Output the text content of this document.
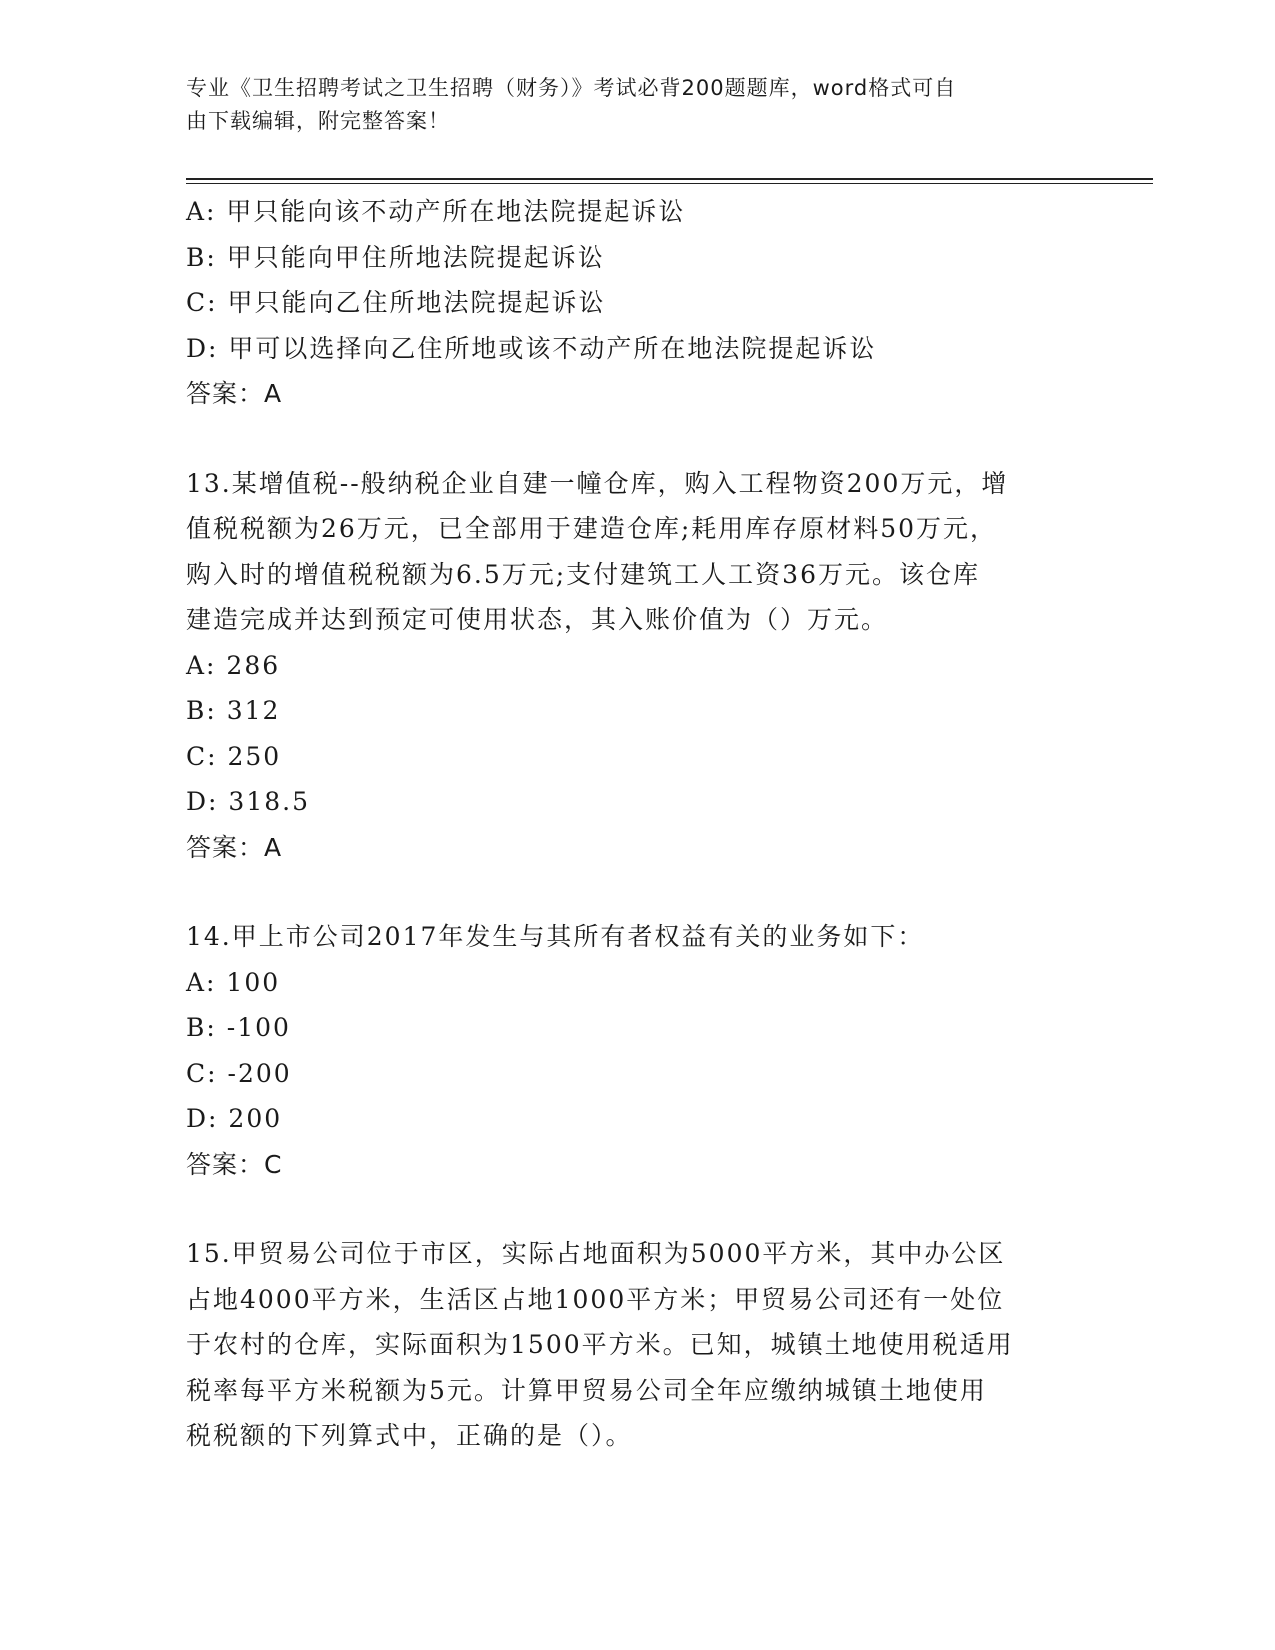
专业《卫生招聘考试之卫生招聘（财务）》考试必背200题题库，word格式可自
由下载编辑，附完整答案！
A: 甲只能向该不动产所在地法院提起诉讼
B: 甲只能向甲住所地法院提起诉讼
C: 甲只能向乙住所地法院提起诉讼
D: 甲可以选择向乙住所地或该不动产所在地法院提起诉讼
答案：A
13.某增值税--般纳税企业自建一幢仓库，购入工程物资200万元，增
值税税额为26万元，已全部用于建造仓库;耗用库存原材料50万元，
购入时的增值税税额为6.5万元;支付建筑工人工资36万元。该仓库
建造完成并达到预定可使用状态，其入账价值为（）万元。
A: 286
B: 312
C: 250
D: 318.5
答案：A
14.甲上市公司2017年发生与其所有者权益有关的业务如下：
A: 100
B: -100
C: -200
D: 200
答案：C
15.甲贸易公司位于市区，实际占地面积为5000平方米，其中办公区
占地4000平方米，生活区占地1000平方米；甲贸易公司还有一处位
于农村的仓库，实际面积为1500平方米。已知，城镇土地使用税适用
税率每平方米税额为5元。计算甲贸易公司全年应缴纳城镇土地使用
税税额的下列算式中，正确的是（）。
